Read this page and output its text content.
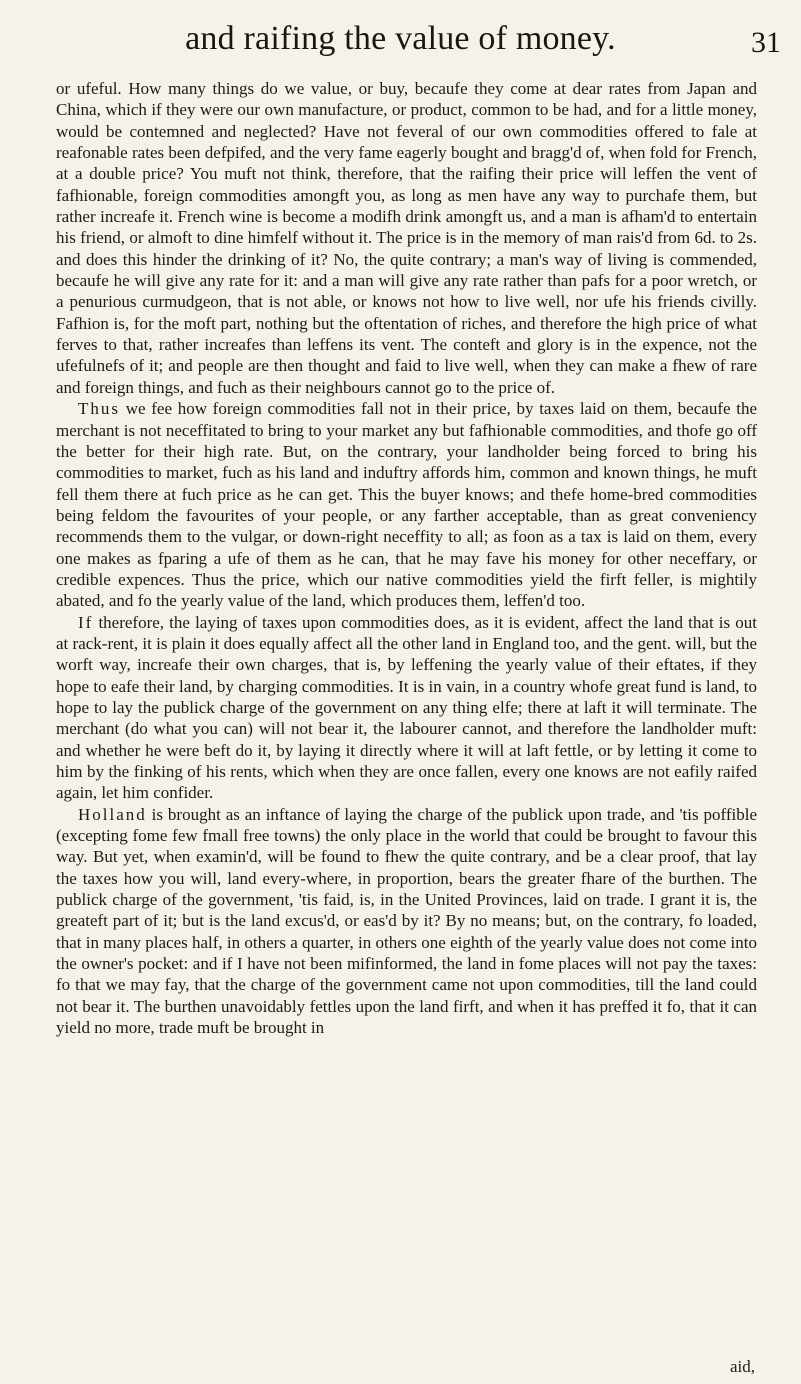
and raifing the value of money.	31

or ufeful. How many things do we value, or buy, becaufe they come at dear rates from Japan and China, which if they were our own manufacture, or product, common to be had, and for a little money, would be contemned and neglected? Have not feveral of our own commodities offered to fale at reafonable rates been defpifed, and the very fame eagerly bought and bragg'd of, when fold for French, at a double price? You muft not think, therefore, that the raifing their price will leffen the vent of fafhionable, foreign commodities amongft you, as long as men have any way to purchafe them, but rather increafe it. French wine is become a modifh drink amongft us, and a man is afham'd to entertain his friend, or almoft to dine himfelf without it. The price is in the memory of man rais'd from 6d. to 2s. and does this hinder the drinking of it? No, the quite contrary; a man's way of living is commended, becaufe he will give any rate for it: and a man will give any rate rather than pafs for a poor wretch, or a penurious curmudgeon, that is not able, or knows not how to live well, nor ufe his friends civilly. Fafhion is, for the moft part, nothing but the oftentation of riches, and therefore the high price of what ferves to that, rather increafes than leffens its vent. The conteft and glory is in the expence, not the ufefulnefs of it; and people are then thought and faid to live well, when they can make a fhew of rare and foreign things, and fuch as their neighbours cannot go to the price of.

Thus we fee how foreign commodities fall not in their price, by taxes laid on them, becaufe the merchant is not neceffitated to bring to your market any but fafhionable commodities, and thofe go off the better for their high rate. But, on the contrary, your landholder being forced to bring his commodities to market, fuch as his land and induftry affords him, common and known things, he muft fell them there at fuch price as he can get. This the buyer knows; and thefe home-bred commodities being feldom the favourites of your people, or any farther acceptable, than as great conveniency recommends them to the vulgar, or down-right neceffity to all; as foon as a tax is laid on them, every one makes as fparing a ufe of them as he can, that he may fave his money for other neceffary, or credible expences. Thus the price, which our native commodities yield the firft feller, is mightily abated, and fo the yearly value of the land, which produces them, leffen'd too.

If therefore, the laying of taxes upon commodities does, as it is evident, affect the land that is out at rack-rent, it is plain it does equally affect all the other land in England too, and the gent. will, but the worft way, increafe their own charges, that is, by leffening the yearly value of their eftates, if they hope to eafe their land, by charging commodities. It is in vain, in a country whofe great fund is land, to hope to lay the publick charge of the government on any thing elfe; there at laft it will terminate. The merchant (do what you can) will not bear it, the labourer cannot, and therefore the landholder muft: and whether he were beft do it, by laying it directly where it will at laft fettle, or by letting it come to him by the finking of his rents, which when they are once fallen, every one knows are not eafily raifed again, let him confider.

Holland is brought as an inftance of laying the charge of the publick upon trade, and 'tis poffible (excepting fome few fmall free towns) the only place in the world that could be brought to favour this way. But yet, when examin'd, will be found to fhew the quite contrary, and be a clear proof, that lay the taxes how you will, land every-where, in proportion, bears the greater fhare of the burthen. The publick charge of the government, 'tis faid, is, in the United Provinces, laid on trade. I grant it is, the greateft part of it; but is the land excus'd, or eas'd by it? By no means; but, on the contrary, fo loaded, that in many places half, in others a quarter, in others one eighth of the yearly value does not come into the owner's pocket: and if I have not been mifinformed, the land in fome places will not pay the taxes: fo that we may fay, that the charge of the government came not upon commodities, till the land could not bear it. The burthen unavoidably fettles upon the land firft, and when it has preffed it fo, that it can yield no more, trade muft be brought in

aid,
